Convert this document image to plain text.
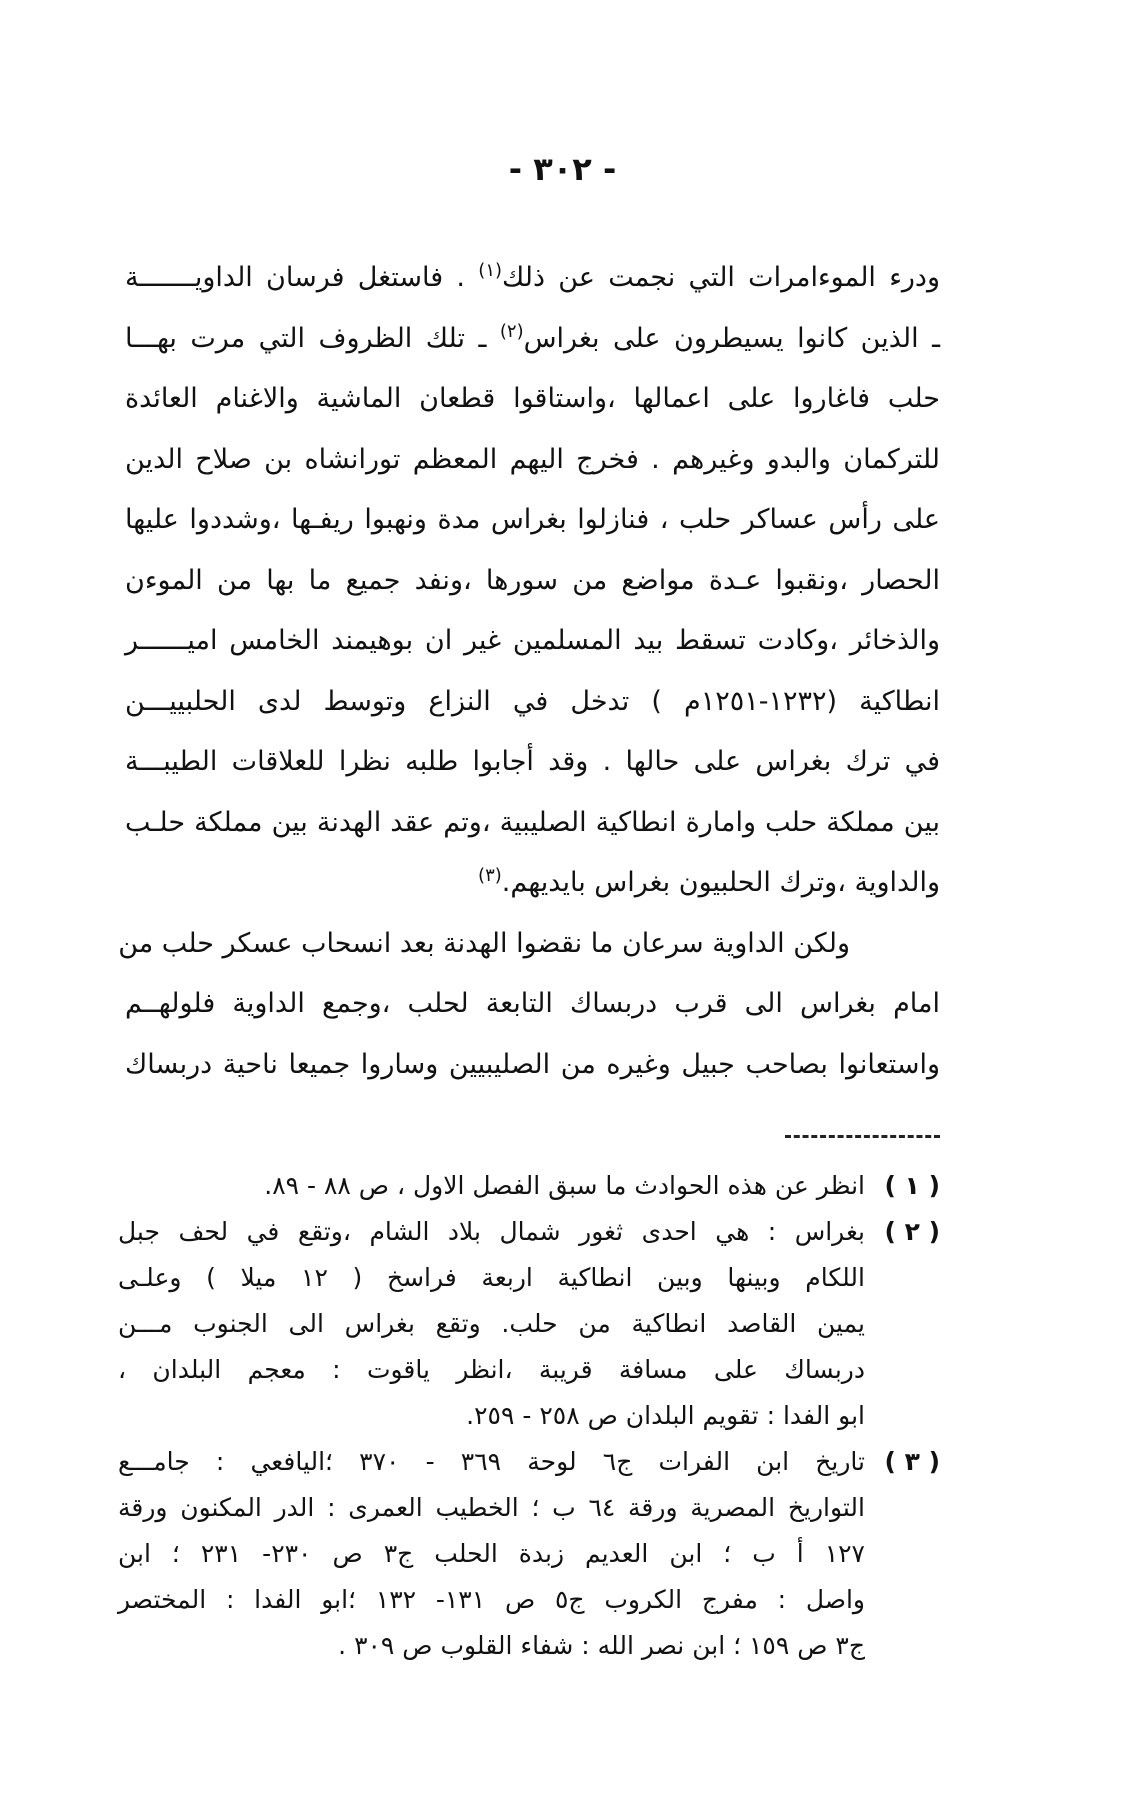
- ٣٠٢ -
ودرء الموءامرات التي نجمت عن ذلك$^{(١)}$ . فاستغل فرسان الداويـــــــة
ـ الذين كانوا يسيطرون على بغراس$^{(٢)}$ ـ تلك الظروف التي مرت بهـــا
حلب فاغاروا على اعمالها ،واستاقوا قطعان الماشية والاغنام العائدة
للتركمان والبدو وغيرهم . فخرج اليهم المعظم تورانشاه بن صلاح الدين
على رأس عساكر حلب ، فنازلوا بغراس مدة ونهبوا ريفـها ،وشددوا عليها
الحصار ،ونقبوا عـدة مواضع من سورها ،ونفد جميع ما بها من الموءن
والذخائر ،وكادت تسقط بيد المسلمين غير ان بوهيمند الخامس اميــــــر
انطاكية (١٢٣٢-١٢٥١م ) تدخل في النزاع وتوسط لدى الحلبييـــن
في ترك بغراس على حالها . وقد أجابوا طلبه نظرا للعلاقات الطيبـــة
بين مملكة حلب وامارة انطاكية الصليبية ،وتم عقد الهدنة بين مملكة حلـب
والداوية ،وترك الحلبيون بغراس بايديهم.$^{(٣)}$
ولكن الداوية سرعان ما نقضوا الهدنة بعد انسحاب عسكر حلب من
امام بغراس الى قرب دربساك التابعة لحلب ،وجمع الداوية فلولهــم
واستعانوا بصاحب جبيل وغيره من الصليبيين وساروا جميعا ناحية دربساك
( ١ )
انظر عن هذه الحوادث ما سبق الفصل الاول ، ص ٨٨ - ٨٩.
( ٢ )
بغراس : هي احدى ثغور شمال بلاد الشام ،وتقع في لحف جبل
اللكام وبينها وبين انطاكية اربعة فراسخ ( ١٢ ميلا ) وعلـى
يمين القاصد انطاكية من حلب. وتقع بغراس الى الجنوب مـــن
دربساك على مسافة قريبة ،انظر ياقوت : معجم البلدان ،
ابو الفدا : تقويم البلدان ص ٢٥٨ - ٢٥٩.
( ٣ )
تاريخ ابن الفرات ج٦ لوحة ٣٦٩ - ٣٧٠ ؛اليافعي : جامـــع
التواريخ المصرية ورقة ٦٤ ب ؛ الخطيب العمرى : الدر المكنون ورقة
١٢٧ أ ب ؛ ابن العديم زبدة الحلب ج٣ ص ٢٣٠- ٢٣١ ؛ ابن
واصل : مفرج الكروب ج٥ ص ١٣١- ١٣٢ ؛ابو الفدا : المختصر
ج٣ ص ١٥٩ ؛ ابن نصر الله : شفاء القلوب ص ٣٠٩ .
